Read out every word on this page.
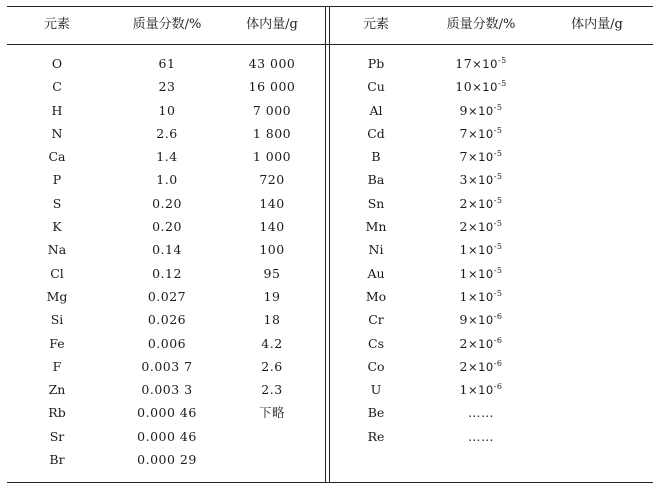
元素	质量分数/%	体内量/g
O	61	43 000
C	23	16 000
H	10	7 000
N	2.6	1 800
Ca	1.4	1 000
P	1.0	720
S	0.20	140
K	0.20	140
Na	0.14	100
Cl	0.12	95
Mg	0.027	19
Si	0.026	18
Fe	0.006	4.2
F	0.003 7	2.6
Zn	0.003 3	2.3
Rb	0.000 46	下略
Sr	0.000 46
Br	0.000 29
元素	质量分数/%	体内量/g
Pb	$17\times 10^{-5}$
Cu	$10\times 10^{-5}$
Al	$9\times 10^{-5}$
Cd	$7\times 10^{-5}$
B	$7\times 10^{-5}$
Ba	$3\times 10^{-5}$
Sn	$2\times 10^{-5}$
Mn	$2\times 10^{-5}$
Ni	$1\times 10^{-5}$
Au	$1\times 10^{-5}$
Mo	$1\times 10^{-5}$
Cr	$9\times 10^{-6}$
Cs	$2\times 10^{-6}$
Co	$2\times 10^{-6}$
U	$1\times 10^{-6}$
Be	……
Re	……
